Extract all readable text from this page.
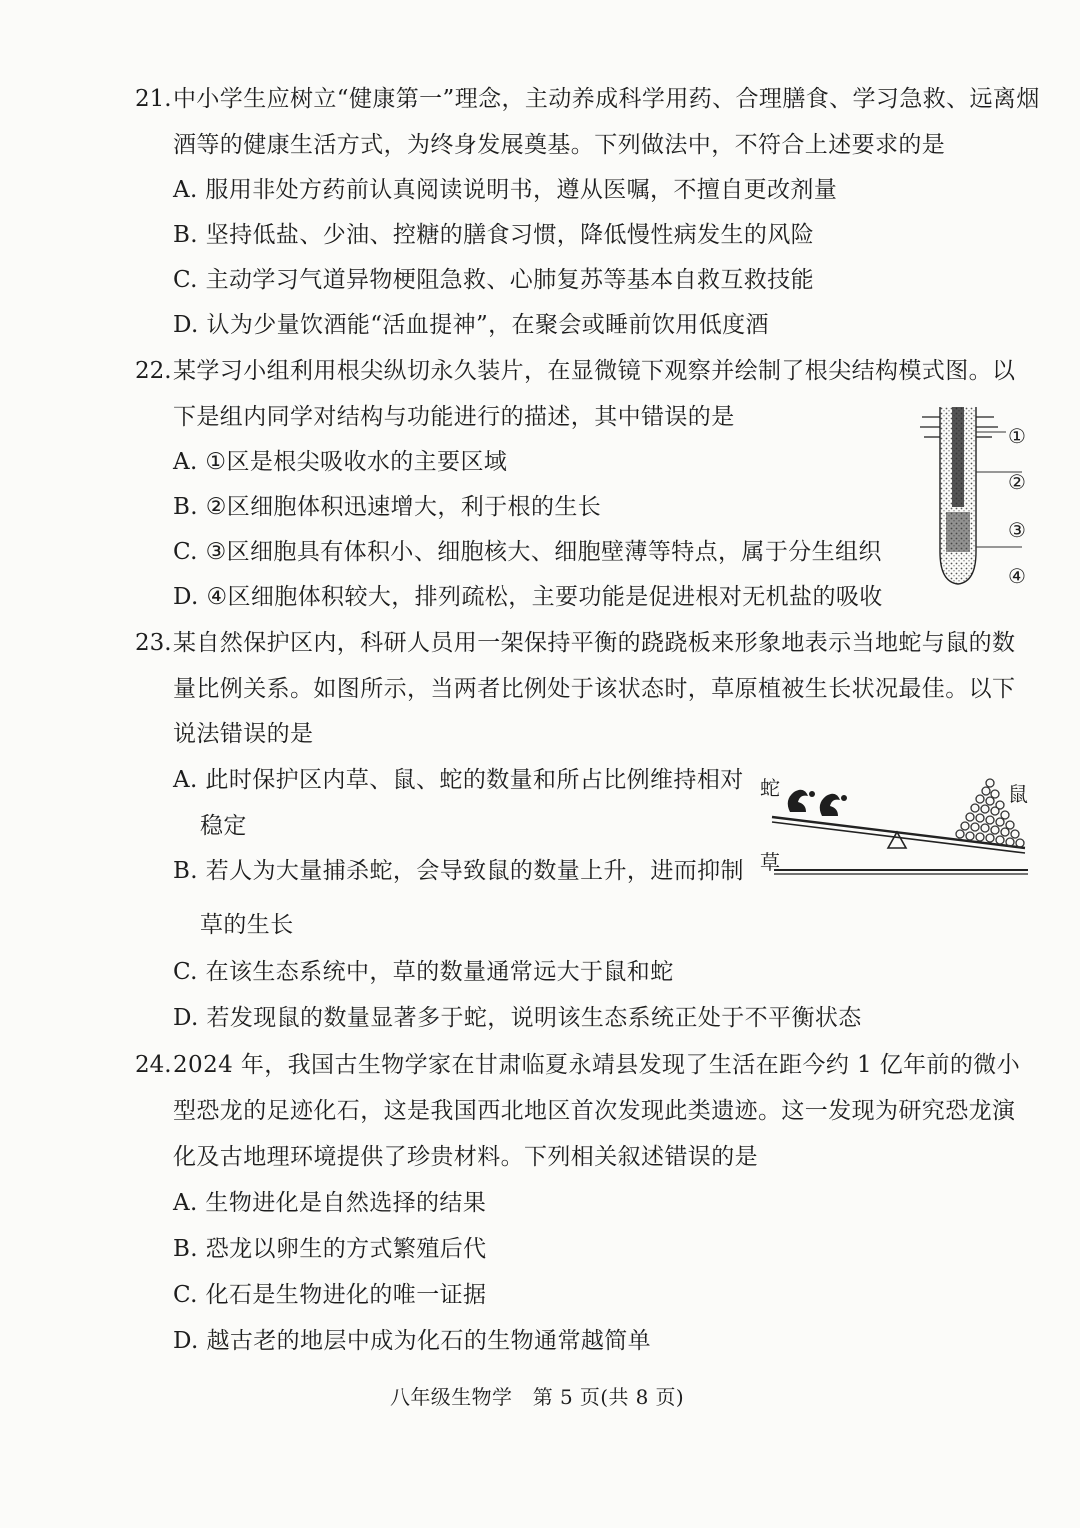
21. 中小学生应树立“健康第一”理念，主动养成科学用药、合理膳食、学习急救、远离烟
酒等的健康生活方式，为终身发展奠基。下列做法中，不符合上述要求的是
A. 服用非处方药前认真阅读说明书，遵从医嘱，不擅自更改剂量
B. 坚持低盐、少油、控糖的膳食习惯，降低慢性病发生的风险
C. 主动学习气道异物梗阻急救、心肺复苏等基本自救互救技能
D. 认为少量饮酒能“活血提神”，在聚会或睡前饮用低度酒
22. 某学习小组利用根尖纵切永久装片，在显微镜下观察并绘制了根尖结构模式图。以
下是组内同学对结构与功能进行的描述，其中错误的是
A. ①区是根尖吸收水的主要区域
B. ②区细胞体积迅速增大，利于根的生长
C. ③区细胞具有体积小、细胞核大、细胞壁薄等特点，属于分生组织
D. ④区细胞体积较大，排列疏松，主要功能是促进根对无机盐的吸收
①
②
③
④
23. 某自然保护区内，科研人员用一架保持平衡的跷跷板来形象地表示当地蛇与鼠的数
量比例关系。如图所示，当两者比例处于该状态时，草原植被生长状况最佳。以下
说法错误的是
A. 此时保护区内草、鼠、蛇的数量和所占比例维持相对
稳定
B. 若人为大量捕杀蛇，会导致鼠的数量上升，进而抑制
草的生长
C. 在该生态系统中，草的数量通常远大于鼠和蛇
D. 若发现鼠的数量显著多于蛇，说明该生态系统正处于不平衡状态
蛇	鼠
草
24. 2024 年，我国古生物学家在甘肃临夏永靖县发现了生活在距今约 1 亿年前的微小
型恐龙的足迹化石，这是我国西北地区首次发现此类遗迹。这一发现为研究恐龙演
化及古地理环境提供了珍贵材料。下列相关叙述错误的是
A. 生物进化是自然选择的结果
B. 恐龙以卵生的方式繁殖后代
C. 化石是生物进化的唯一证据
D. 越古老的地层中成为化石的生物通常越简单
八年级生物学　第 5 页(共 8 页)
